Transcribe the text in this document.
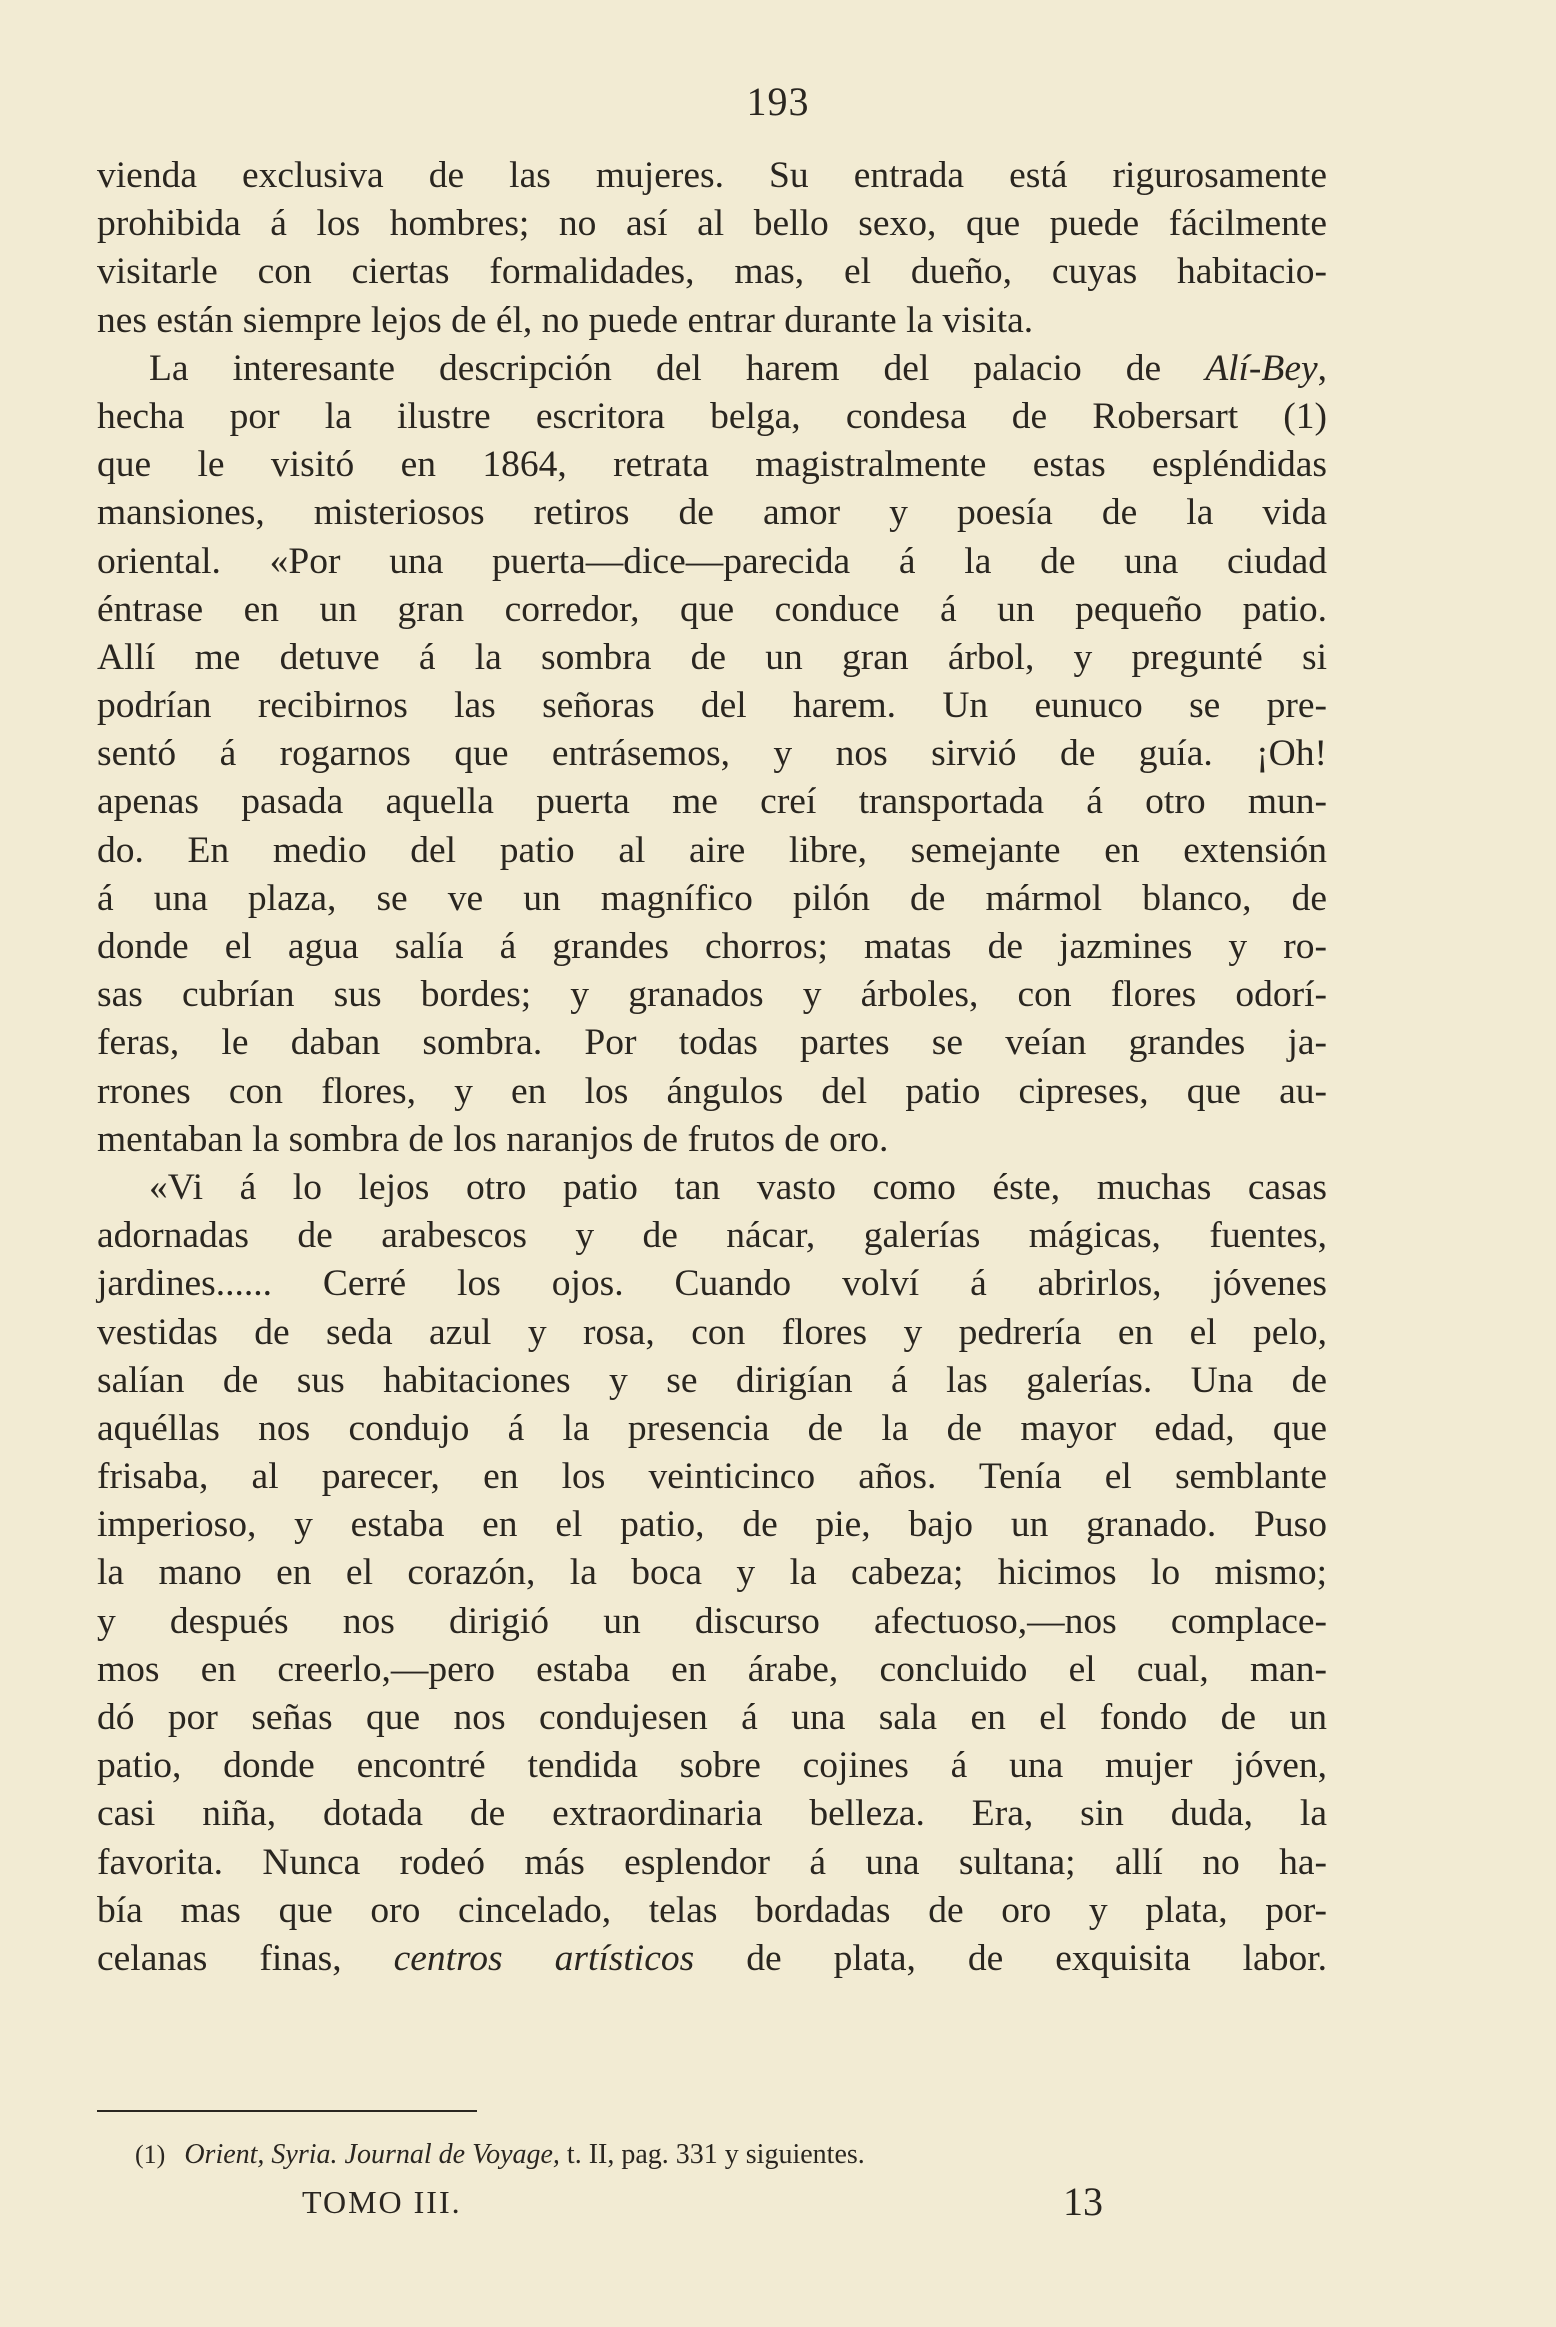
193
vienda exclusiva de las mujeres. Su entrada está rigurosamente
prohibida á los hombres; no así al bello sexo, que puede fácilmente
visitarle con ciertas formalidades, mas, el dueño, cuyas habitacio-
nes están siempre lejos de él, no puede entrar durante la visita.
La interesante descripción del harem del palacio de Alí-Bey,
hecha por la ilustre escritora belga, condesa de Robersart (1)
que le visitó en 1864, retrata magistralmente estas espléndidas
mansiones, misteriosos retiros de amor y poesía de la vida
oriental. «Por una puerta—dice—parecida á la de una ciudad
éntrase en un gran corredor, que conduce á un pequeño patio.
Allí me detuve á la sombra de un gran árbol, y pregunté si
podrían recibirnos las señoras del harem. Un eunuco se pre-
sentó á rogarnos que entrásemos, y nos sirvió de guía. ¡Oh!
apenas pasada aquella puerta me creí transportada á otro mun-
do. En medio del patio al aire libre, semejante en extensión
á una plaza, se ve un magnífico pilón de mármol blanco, de
donde el agua salía á grandes chorros; matas de jazmines y ro-
sas cubrían sus bordes; y granados y árboles, con flores odorí-
feras, le daban sombra. Por todas partes se veían grandes ja-
rrones con flores, y en los ángulos del patio cipreses, que au-
mentaban la sombra de los naranjos de frutos de oro.
«Vi á lo lejos otro patio tan vasto como éste, muchas casas
adornadas de arabescos y de nácar, galerías mágicas, fuentes,
jardines...... Cerré los ojos. Cuando volví á abrirlos, jóvenes
vestidas de seda azul y rosa, con flores y pedrería en el pelo,
salían de sus habitaciones y se dirigían á las galerías. Una de
aquéllas nos condujo á la presencia de la de mayor edad, que
frisaba, al parecer, en los veinticinco años. Tenía el semblante
imperioso, y estaba en el patio, de pie, bajo un granado. Puso
la mano en el corazón, la boca y la cabeza; hicimos lo mismo;
y después nos dirigió un discurso afectuoso,—nos complace-
mos en creerlo,—pero estaba en árabe, concluido el cual, man-
dó por señas que nos condujesen á una sala en el fondo de un
patio, donde encontré tendida sobre cojines á una mujer jóven,
casi niña, dotada de extraordinaria belleza. Era, sin duda, la
favorita. Nunca rodeó más esplendor á una sultana; allí no ha-
bía mas que oro cincelado, telas bordadas de oro y plata, por-
celanas finas, centros artísticos de plata, de exquisita labor.
(1) Orient, Syria. Journal de Voyage, t. II, pag. 331 y siguientes.
TOMO III.	13
